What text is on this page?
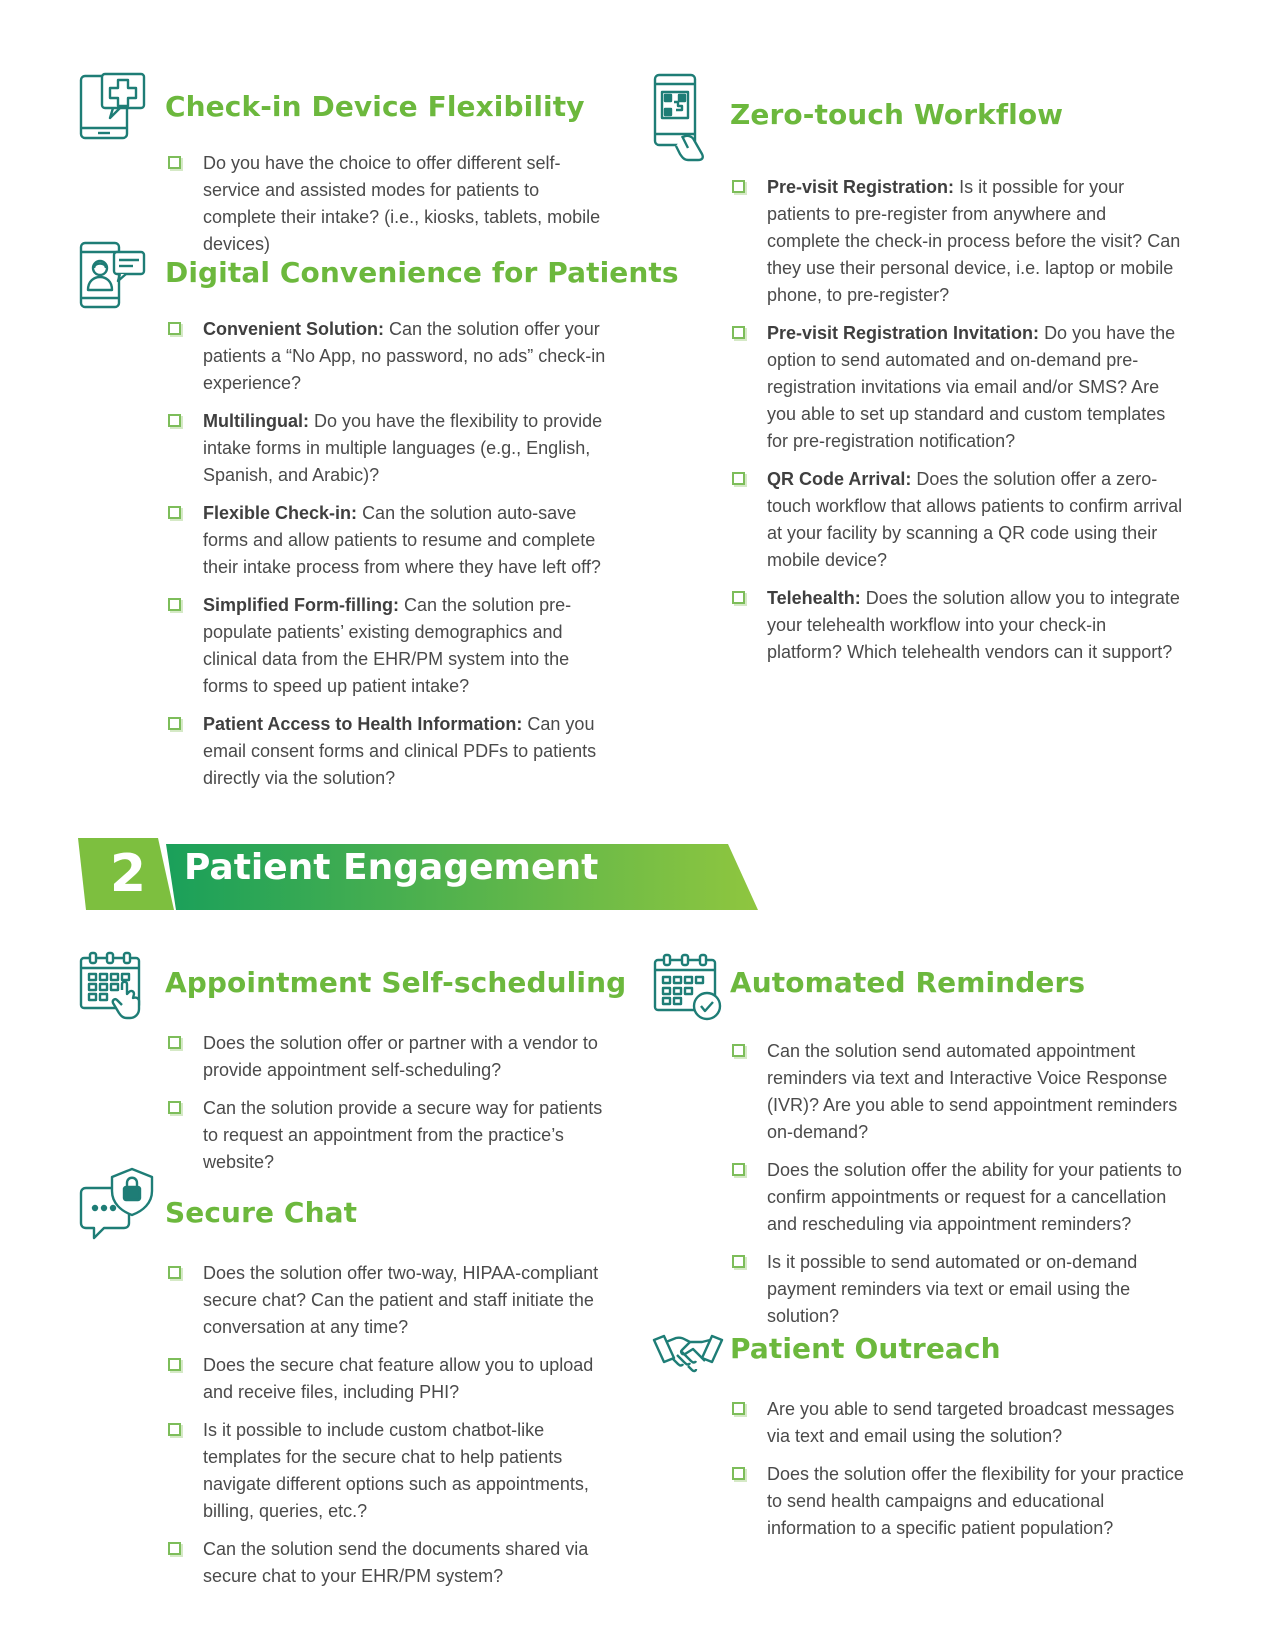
Check-in Device Flexibility
Do you have the choice to offer different self-service and assisted modes for patients to complete their intake? (i.e., kiosks, tablets, mobile devices)
Digital Convenience for Patients
Convenient Solution: Can the solution offer your patients a “No App, no password, no ads” check-in experience?
Multilingual: Do you have the flexibility to provide intake forms in multiple languages (e.g., English, Spanish, and Arabic)?
Flexible Check-in: Can the solution auto-save forms and allow patients to resume and complete their intake process from where they have left off?
Simplified Form-filling: Can the solution pre-populate patients’ existing demographics and clinical data from the EHR/PM system into the forms to speed up patient intake?
Patient Access to Health Information: Can you email consent forms and clinical PDFs to patients directly via the solution?
Zero-touch Workflow
Pre-visit Registration: Is it possible for your patients to pre-register from anywhere and complete the check-in process before the visit? Can they use their personal device, i.e. laptop or mobile phone, to pre-register?
Pre-visit Registration Invitation: Do you have the option to send automated and on-demand pre-registration invitations via email and/or SMS? Are you able to set up standard and custom templates for pre-registration notification?
QR Code Arrival: Does the solution offer a zero-touch workflow that allows patients to confirm arrival at your facility by scanning a QR code using their mobile device?
Telehealth: Does the solution allow you to integrate your telehealth workflow into your check-in platform? Which telehealth vendors can it support?
2	Patient Engagement
Appointment Self-scheduling
Does the solution offer or partner with a vendor to provide appointment self-scheduling?
Can the solution provide a secure way for patients to request an appointment from the practice’s website?
Secure Chat
Does the solution offer two-way, HIPAA-compliant secure chat? Can the patient and staff initiate the conversation at any time?
Does the secure chat feature allow you to upload and receive files, including PHI?
Is it possible to include custom chatbot-like templates for the secure chat to help patients navigate different options such as appointments, billing, queries, etc.?
Can the solution send the documents shared via secure chat to your EHR/PM system?
Automated Reminders
Can the solution send automated appointment reminders via text and Interactive Voice Response (IVR)? Are you able to send appointment reminders on-demand?
Does the solution offer the ability for your patients to confirm appointments or request for a cancellation and rescheduling via appointment reminders?
Is it possible to send automated or on-demand payment reminders via text or email using the solution?
Patient Outreach
Are you able to send targeted broadcast messages via text and email using the solution?
Does the solution offer the flexibility for your practice to send health campaigns and educational information to a specific patient population?
